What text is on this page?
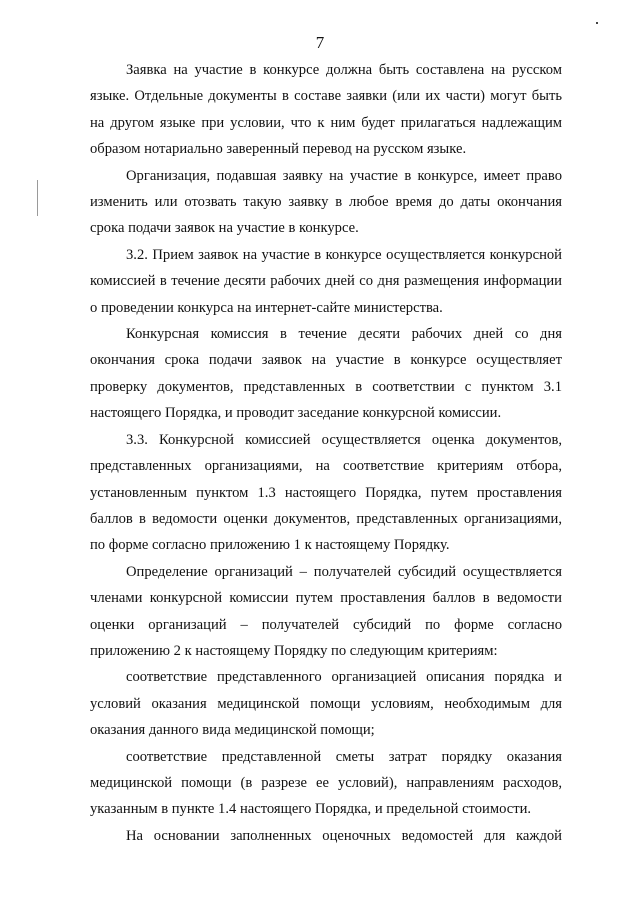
7

Заявка на участие в конкурсе должна быть составлена на русском языке. Отдельные документы в составе заявки (или их части) могут быть на другом языке при условии, что к ним будет прилагаться надлежащим образом нотариально заверенный перевод на русском языке.

Организация, подавшая заявку на участие в конкурсе, имеет право изменить или отозвать такую заявку в любое время до даты окончания срока подачи заявок на участие в конкурсе.

3.2. Прием заявок на участие в конкурсе осуществляется конкурсной комиссией в течение десяти рабочих дней со дня размещения информации о проведении конкурса на интернет-сайте министерства.

Конкурсная комиссия в течение десяти рабочих дней со дня окончания срока подачи заявок на участие в конкурсе осуществляет проверку документов, представленных в соответствии с пунктом 3.1 настоящего Порядка, и проводит заседание конкурсной комиссии.

3.3. Конкурсной комиссией осуществляется оценка документов, представленных организациями, на соответствие критериям отбора, установленным пунктом 1.3 настоящего Порядка, путем проставления баллов в ведомости оценки документов, представленных организациями, по форме согласно приложению 1 к настоящему Порядку.

Определение организаций – получателей субсидий осуществляется членами конкурсной комиссии путем проставления баллов в ведомости оценки организаций – получателей субсидий по форме согласно приложению 2 к настоящему Порядку по следующим критериям:

соответствие представленного организацией описания порядка и условий оказания медицинской помощи условиям, необходимым для оказания данного вида медицинской помощи;

соответствие представленной сметы затрат порядку оказания медицинской помощи (в разрезе ее условий), направлениям расходов, указанным в пункте 1.4 настоящего Порядка, и предельной стоимости.

На основании заполненных оценочных ведомостей для каждой
